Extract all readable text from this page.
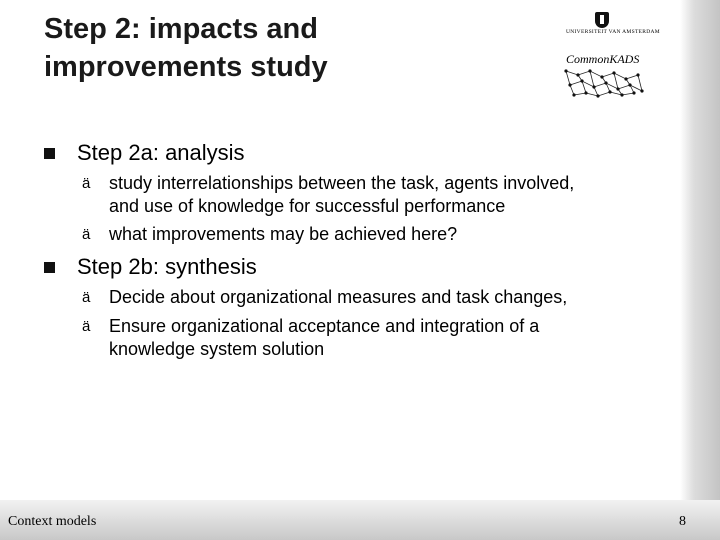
Step 2: impacts and
improvements study
UNIVERSITEIT VAN AMSTERDAM
CommonKADS
Step 2a: analysis
ä study interrelationships between the task, agents involved,
and use of knowledge for successful performance
ä what improvements may be achieved here?
Step 2b: synthesis
ä Decide about organizational measures and task changes,
ä Ensure organizational acceptance and integration of a
knowledge system solution
Context models	8
